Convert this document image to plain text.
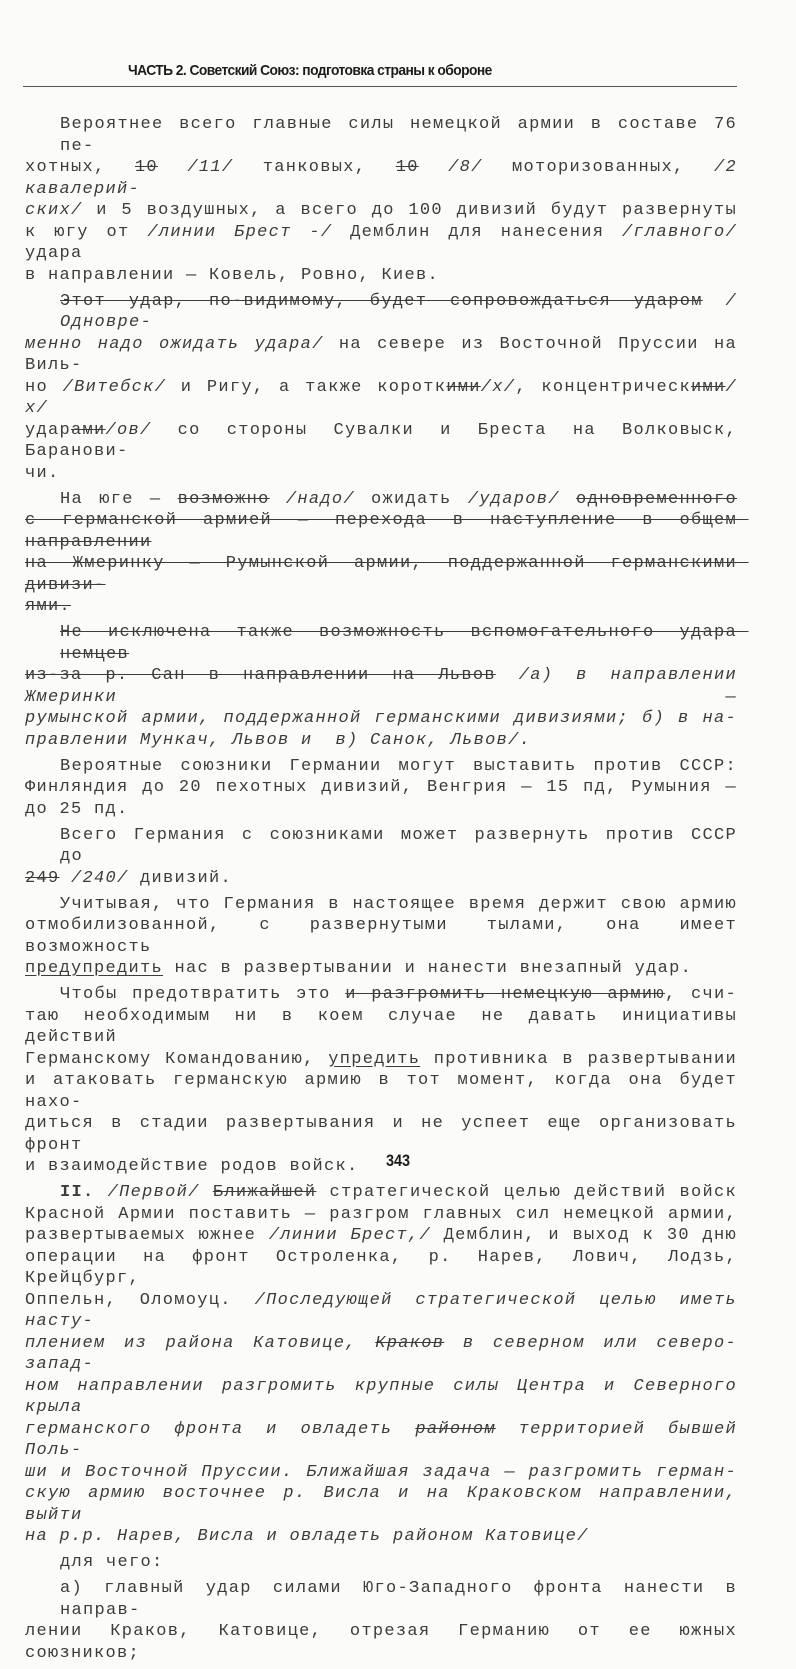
ЧАСТЬ 2. Советский Союз: подготовка страны к обороне
Вероятнее всего главные силы немецкой армии в составе 76 пе-
хотных, 10 /11/ танковых, 10 /8/ моторизованных, /2 кавалерий-
ских/ и 5 воздушных, а всего до 100 дивизий будут развернуты
к югу от /линии Брест -/ Демблин для нанесения /главного/ удара
в направлении — Ковель, Ровно, Киев.
Этот удар, по-видимому, будет сопровождаться ударом /Одновре-
менно надо ожидать удара/ на севере из Восточной Пруссии на Виль-
но /Витебск/ и Ригу, а также короткими/х/, концентрическими/х/
ударами/ов/ со стороны Сувалки и Бреста на Волковыск, Баранови-
чи.
На юге — возможно /надо/ ожидать /ударов/ одновременного
с германской армией — перехода в наступление в общем направлении
на Жмеринку — Румынской армии, поддержанной германскими дивизи-
ями.
Не исключена также возможность вспомогательного удара немцев
из-за р. Сан в направлении на Львов /а) в направлении Жмеринки —
румынской армии, поддержанной германскими дивизиями; б) в на-
правлении Мункач, Львов и  в) Санок, Львов/.
Вероятные союзники Германии могут выставить против СССР:
Финляндия до 20 пехотных дивизий, Венгрия — 15 пд, Румыния —
до 25 пд.
Всего Германия с союзниками может развернуть против СССР до
249 /240/ дивизий.
Учитывая, что Германия в настоящее время держит свою армию
отмобилизованной, с развернутыми тылами, она имеет возможность
предупредить нас в развертывании и нанести внезапный удар.
Чтобы предотвратить это и разгромить немецкую армию, счи-
таю необходимым ни в коем случае не давать инициативы действий
Германскому Командованию, упредить противника в развертывании
и атаковать германскую армию в тот момент, когда она будет нахо-
диться в стадии развертывания и не успеет еще организовать фронт
и взаимодействие родов войск.
II. /Первой/ Ближайшей стратегической целью действий войск
Красной Армии поставить — разгром главных сил немецкой армии,
развертываемых южнее /линии Брест,/ Демблин, и выход к 30 дню
операции на фронт Остроленка, р. Нарев, Лович, Лодзь, Крейцбург,
Оппельн, Оломоуц. /Последующей стратегической целью иметь насту-
плением из района Катовице, Краков в северном или северо-запад-
ном направлении разгромить крупные силы Центра и Северного крыла
германского фронта и овладеть районом территорией бывшей Поль-
ши и Восточной Пруссии. Ближайшая задача — разгромить герман-
скую армию восточнее р. Висла и на Краковском направлении, выйти
на р.р. Нарев, Висла и овладеть районом Катовице/
для чего:
а) главный удар силами Юго-Западного фронта нанести в направ-
лении Краков, Катовице, отрезая Германию от ее южных союзников;
343
